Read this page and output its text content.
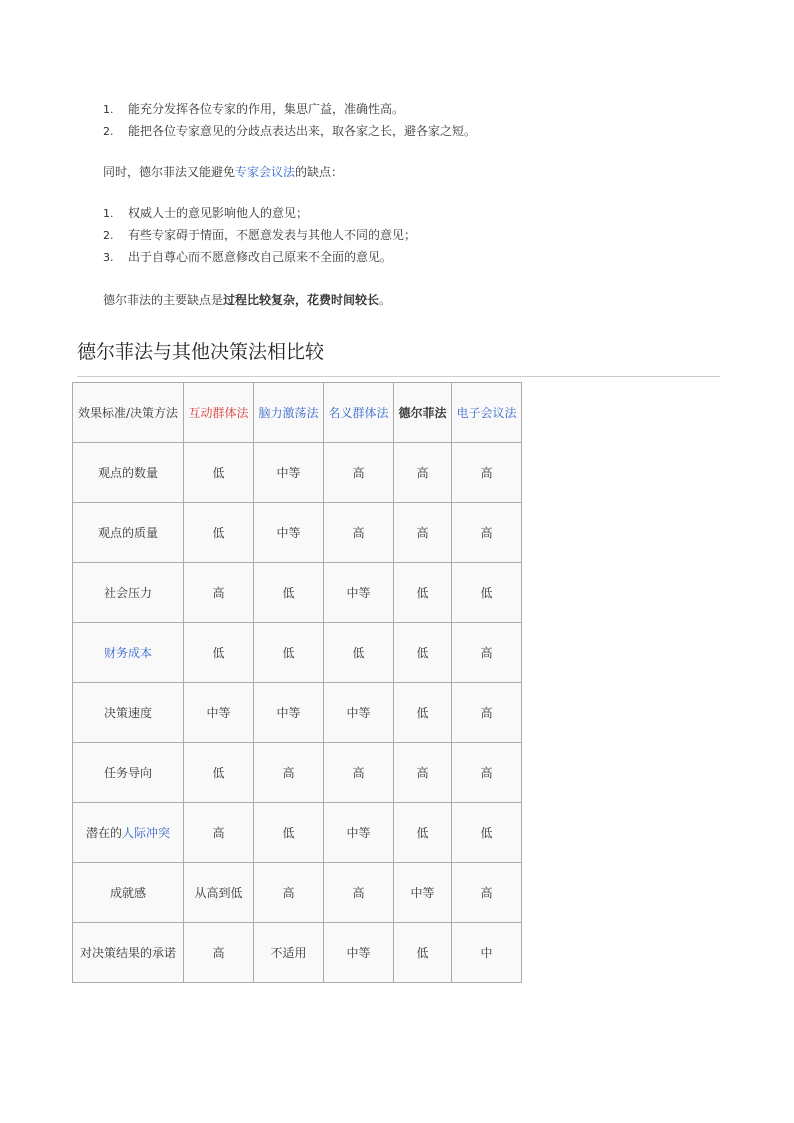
1. 能充分发挥各位专家的作用，集思广益，准确性高。
2. 能把各位专家意见的分歧点表达出来，取各家之长，避各家之短。
同时，德尔菲法又能避免专家会议法的缺点：
1. 权威人士的意见影响他人的意见；
2. 有些专家碍于情面，不愿意发表与其他人不同的意见；
3. 出于自尊心而不愿意修改自己原来不全面的意见。
德尔菲法的主要缺点是过程比较复杂，花费时间较长。
德尔菲法与其他决策法相比较
效果标准/决策方法	互动群体法	脑力激荡法	名义群体法	德尔菲法	电子会议法
观点的数量	低	中等	高	高	高
观点的质量	低	中等	高	高	高
社会压力	高	低	中等	低	低
财务成本	低	低	低	低	高
决策速度	中等	中等	中等	低	高
任务导向	低	高	高	高	高
潜在的人际冲突	高	低	中等	低	低
成就感	从高到低	高	高	中等	高
对决策结果的承诺	高	不适用	中等	低	中
